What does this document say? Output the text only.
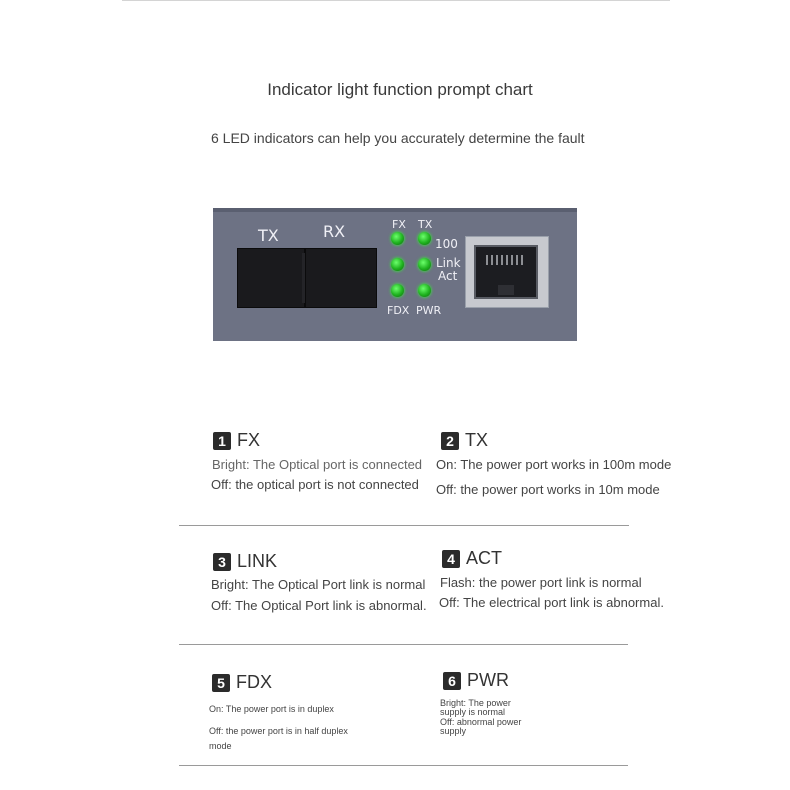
Indicator light function prompt chart
6 LED indicators can help you accurately determine the fault
TX	RX	FX TX
100
Link
Act
FDX PWR
1 FX
Bright: The Optical port is connected
Off: the optical port is not connected
2 TX
On: The power port works in 100m mode
Off: the power port works in 10m mode
3 LINK
Bright: The Optical Port link is normal
Off: The Optical Port link is abnormal.
4 ACT
Flash: the power port link is normal
Off: The electrical port link is abnormal.
5 FDX
On: The power port is in duplex
Off: the power port is in half duplex mode
6 PWR
Bright: The power supply is normal
Off: abnormal power supply
